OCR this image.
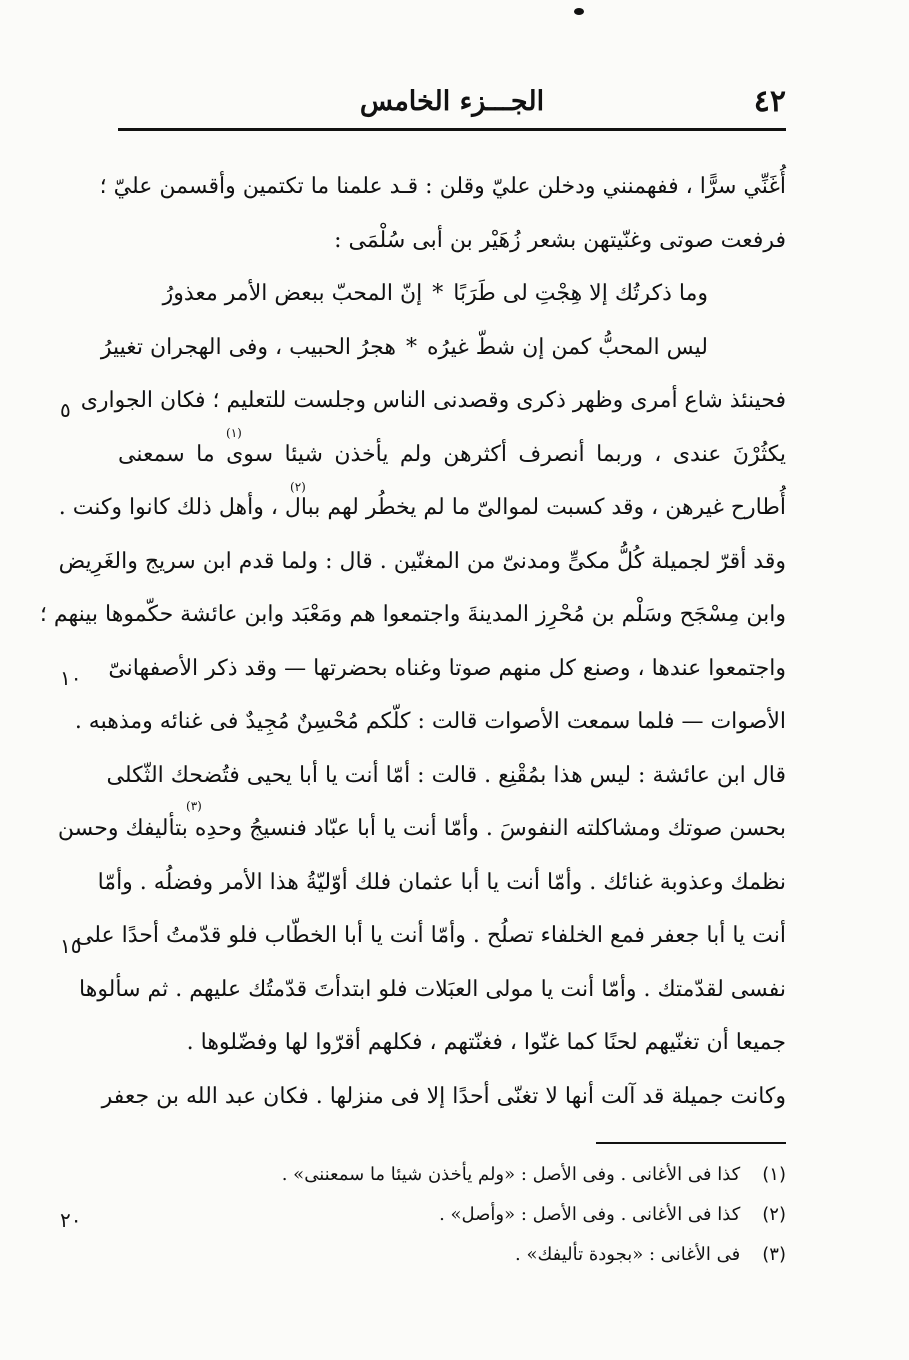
٤٢
الجـــزء الخامس
أُغَنِّي سرًّا ، ففهمنني ودخلن عليّ وقلن : قـد علمنا ما تكتمين وأقسمن عليّ ؛
فرفعت صوتى وغنّيتهن بشعر زُهَيْر بن أبى سُلْمَى :
وما ذكرتُك إلا هِجْتِ لى طَرَبًا
*
إنّ المحبّ ببعض الأمر معذورُ
ليس المحبُّ كمن إن شطّ غيرُه
*
هجرُ الحبيب ، وفى الهجران تغييرُ
فحينئذ شاع أمرى وظهر ذكرى وقصدنى الناس وجلست للتعليم ؛ فكان الجوارى
يكثُرْنَ عندى ، وربما أنصرف أكثرهن ولم يأخذن شيئا سوى ما سمعنى
أُطارح غيرهن ، وقد كسبت لموالىّ ما لم يخطُر لهم ببال ، وأهل ذلك كانوا وكنت .
وقد أقرّ لجميلة كُلُّ مكىٍّ ومدنىّ من المغنّين . قال : ولما قدم ابن سريج والغَرِيض
وابن مِسْجَح وسَلْم بن مُحْرِز المدينةَ واجتمعوا هم ومَعْبَد وابن عائشة حكّموها بينهم ؛
واجتمعوا عندها ، وصنع كل منهم صوتا وغناه بحضرتها — وقد ذكر الأصفهانىّ
الأصوات — فلما سمعت الأصوات قالت : كلّكم مُحْسِنٌ مُجِيدٌ فى غنائه ومذهبه .
قال ابن عائشة : ليس هذا بمُقْنِع . قالت : أمّا أنت يا أبا يحيى فتُضحك الثّكلى
بحسن صوتك ومشاكلته النفوسَ . وأمّا أنت يا أبا عبّاد فنسيجُ وحدِه بتأليفك وحسن
نظمك وعذوبة غنائك . وأمّا أنت يا أبا عثمان فلك أوّليّةُ هذا الأمر وفضلُه . وأمّا
أنت يا أبا جعفر فمع الخلفاء تصلُح . وأمّا أنت يا أبا الخطّاب فلو قدّمتُ أحدًا على
نفسى لقدّمتك . وأمّا أنت يا مولى العبَلات فلو ابتدأتَ قدّمتُك عليهم . ثم سألوها
جميعا أن تغنّيهم لحنًا كما غنّوا ، فغنّتهم ، فكلهم أقرّوا لها وفضّلوها .
وكانت جميلة قد آلت أنها لا تغنّى أحدًا إلا فى منزلها . فكان عبد الله بن جعفر
(١)
(٢)
(٣)
٥
١٠
١٥
٢٠
(١) كذا فى الأغانى . وفى الأصل : «ولم يأخذن شيئا ما سمعننى» .
(٢) كذا فى الأغانى . وفى الأصل : «وأصل» .
(٣) فى الأغانى : «بجودة تأليفك» .
